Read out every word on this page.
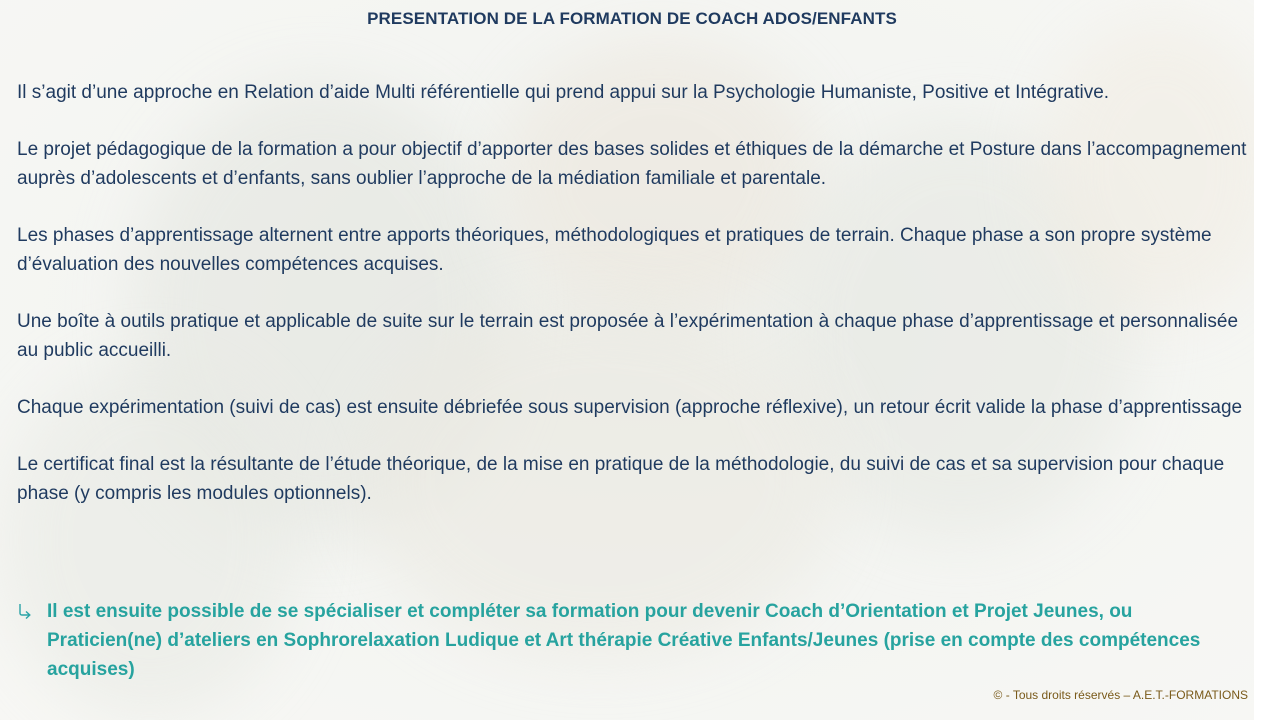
PRESENTATION DE LA FORMATION DE COACH ADOS/ENFANTS

Il s’agit d’une approche en Relation d’aide Multi référentielle qui prend appui sur la Psychologie Humaniste, Positive et Intégrative.

Le projet pédagogique de la formation a pour objectif d’apporter des bases solides et éthiques de la démarche et Posture dans l’accompagnement auprès d’adolescents et d’enfants, sans oublier l’approche de la médiation familiale et parentale.

Les phases d’apprentissage alternent entre apports théoriques, méthodologiques et pratiques de terrain. Chaque phase a son propre système d’évaluation des nouvelles compétences acquises.

Une boîte à outils pratique et applicable de suite sur le terrain est proposée à l’expérimentation à chaque phase d’apprentissage et personnalisée au public accueilli.

Chaque expérimentation (suivi de cas) est ensuite débriefée sous supervision (approche réflexive), un retour écrit valide la phase d’apprentissage

Le certificat final est la résultante de l’étude théorique, de la mise en pratique de la méthodologie, du suivi de cas et sa supervision pour chaque phase (y compris les modules optionnels).

Il est ensuite possible de se spécialiser et compléter sa formation pour devenir Coach d’Orientation et Projet Jeunes, ou Praticien(ne) d’ateliers en Sophrorelaxation Ludique et Art thérapie Créative Enfants/Jeunes (prise en compte des compétences acquises)

© - Tous droits réservés – A.E.T.-FORMATIONS
